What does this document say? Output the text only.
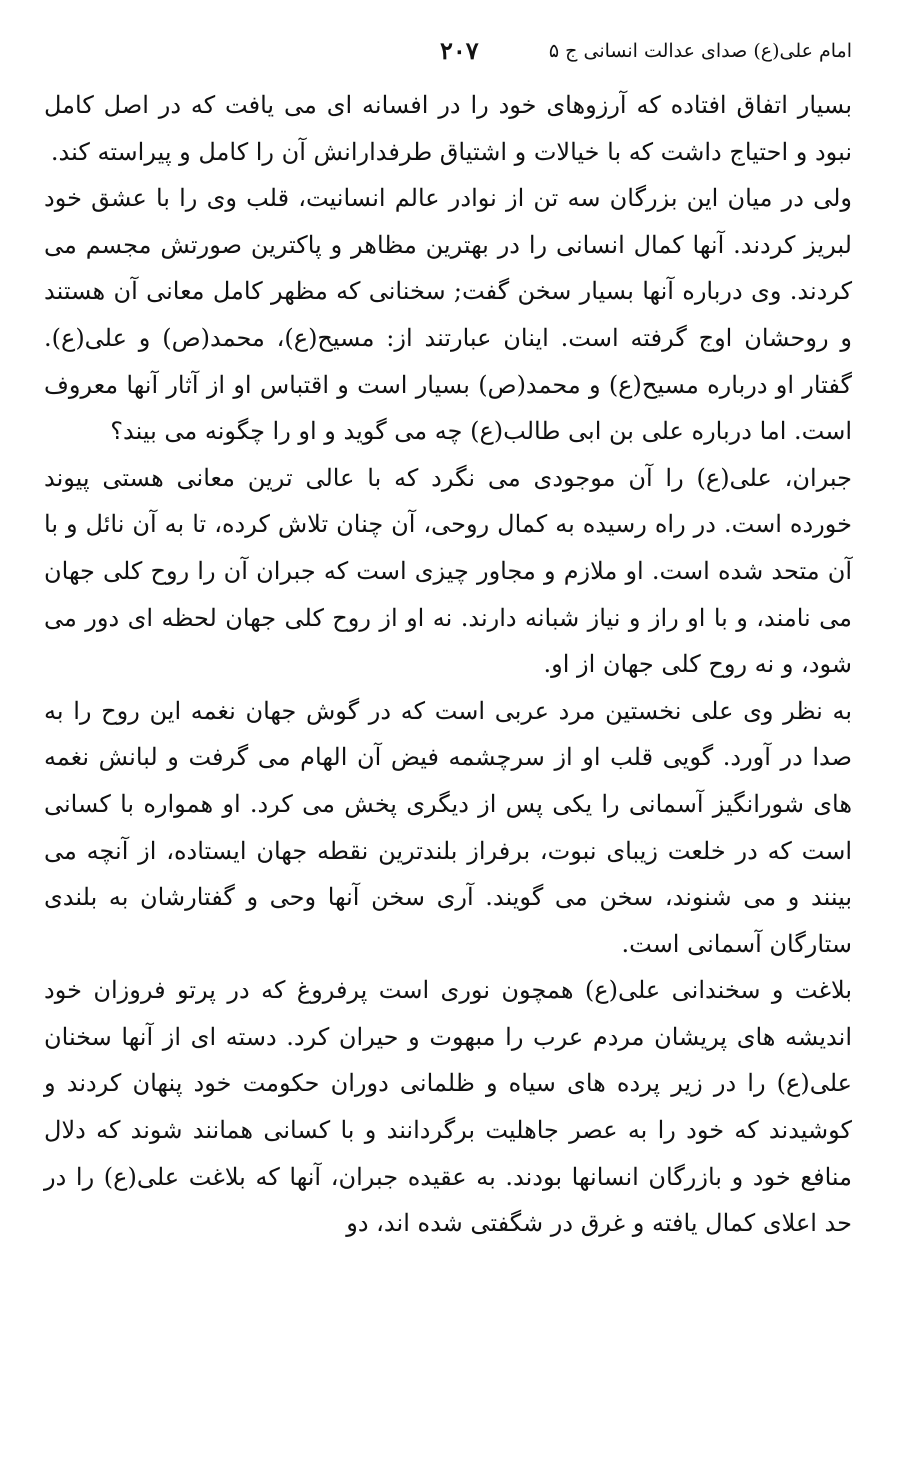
امام علی(ع) صدای عدالت انسانی ج ۵
۲۰۷

بسیار اتفاق افتاده که آرزوهای خود را در افسانه ای می یافت که در اصل کامل نبود و احتیاج داشت که با خیالات و اشتیاق طرفدارانش آن را کامل و پیراسته کند.

ولی در میان این بزرگان سه تن از نوادر عالم انسانیت، قلب وی را با عشق خود لبریز کردند. آنها کمال انسانی را در بهترین مظاهر و پاکترین صورتش مجسم می کردند. وی درباره آنها بسیار سخن گفت; سخنانی که مظهر کامل معانی آن هستند و روحشان اوج گرفته است. اینان عبارتند از: مسیح(ع)، محمد(ص) و علی(ع). گفتار او درباره مسیح(ع) و محمد(ص) بسیار است و اقتباس او از آثار آنها معروف است. اما درباره علی بن ابی طالب(ع) چه می گوید و او را چگونه می بیند؟

جبران، علی(ع) را آن موجودی می نگرد که با عالی ترین معانی هستی پیوند خورده است. در راه رسیده به کمال روحی، آن چنان تلاش کرده، تا به آن نائل و با آن متحد شده است. او ملازم و مجاور چیزی است که جبران آن را روح کلی جهان می نامند، و با او راز و نیاز شبانه دارند. نه او از روح کلی جهان لحظه ای دور می شود، و نه روح کلی جهان از او.

به نظر وی علی نخستین مرد عربی است که در گوش جهان نغمه این روح را به صدا در آورد. گویی قلب او از سرچشمه فیض آن الهام می گرفت و لبانش نغمه های شورانگیز آسمانی را یکی پس از دیگری پخش می کرد. او همواره با کسانی است که در خلعت زیبای نبوت، برفراز بلندترین نقطه جهان ایستاده، از آنچه می بینند و می شنوند، سخن می گویند. آری سخن آنها وحی و گفتارشان به بلندی ستارگان آسمانی است.

بلاغت و سخندانی علی(ع) همچون نوری است پرفروغ که در پرتو فروزان خود اندیشه های پریشان مردم عرب را مبهوت و حیران کرد. دسته ای از آنها سخنان علی(ع) را در زیر پرده های سیاه و ظلمانی دوران حکومت خود پنهان کردند و کوشیدند که خود را به عصر جاهلیت برگردانند و با کسانی همانند شوند که دلال منافع خود و بازرگان انسانها بودند. به عقیده جبران، آنها که بلاغت علی(ع) را در حد اعلای کمال یافته و غرق در شگفتی شده اند، دو
